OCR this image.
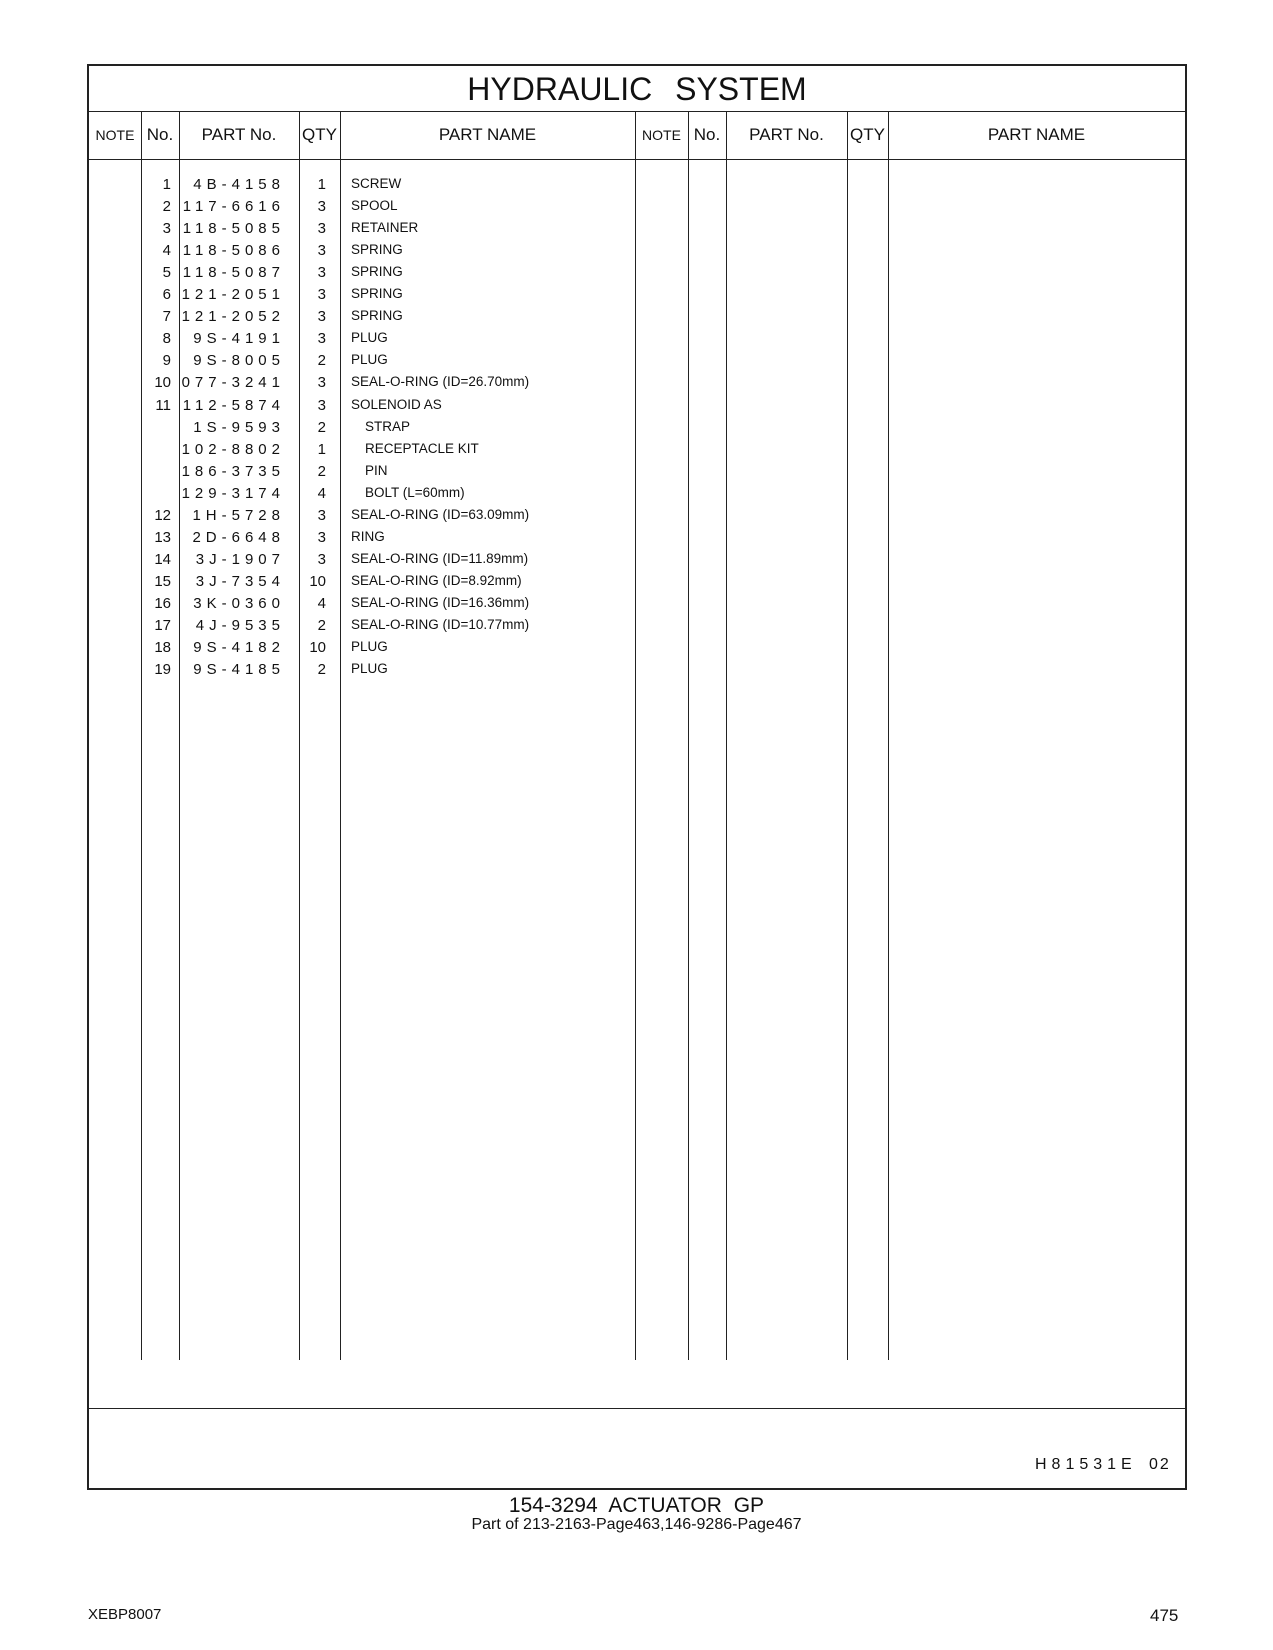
HYDRAULIC SYSTEM
NOTE No.	PART No.	QTY	PART NAME	NOTE No.	PART No.	QTY	PART NAME
1	4B-4158	1 SCREW
2 117-6616	3 SPOOL
3 118-5085	3 RETAINER
4 118-5086	3 SPRING
5 118-5087	3 SPRING
6 121-2051	3 SPRING
7 121-2052	3 SPRING
8	9S-4191	3 PLUG
9	9S-8005	2 PLUG
10 077-3241	3 SEAL-O-RING (ID=26.70mm)
11 112-5874	3 SOLENOID AS
1S-9593	2	STRAP
102-8802	1	RECEPTACLE KIT
186-3735	2	PIN
129-3174	4	BOLT (L=60mm)
12	1H-5728	3 SEAL-O-RING (ID=63.09mm)
13	2D-6648	3 RING
14	3J-1907	3 SEAL-O-RING (ID=11.89mm)
15	3J-7354	10 SEAL-O-RING (ID=8.92mm)
16	3K-0360	4 SEAL-O-RING (ID=16.36mm)
17	4J-9535	2 SEAL-O-RING (ID=10.77mm)
18	9S-4182	10 PLUG
19	9S-4185	2 PLUG
H81531E 02
154-3294 ACTUATOR GP
Part of 213-2163-Page463,146-9286-Page467
XEBP8007	475
